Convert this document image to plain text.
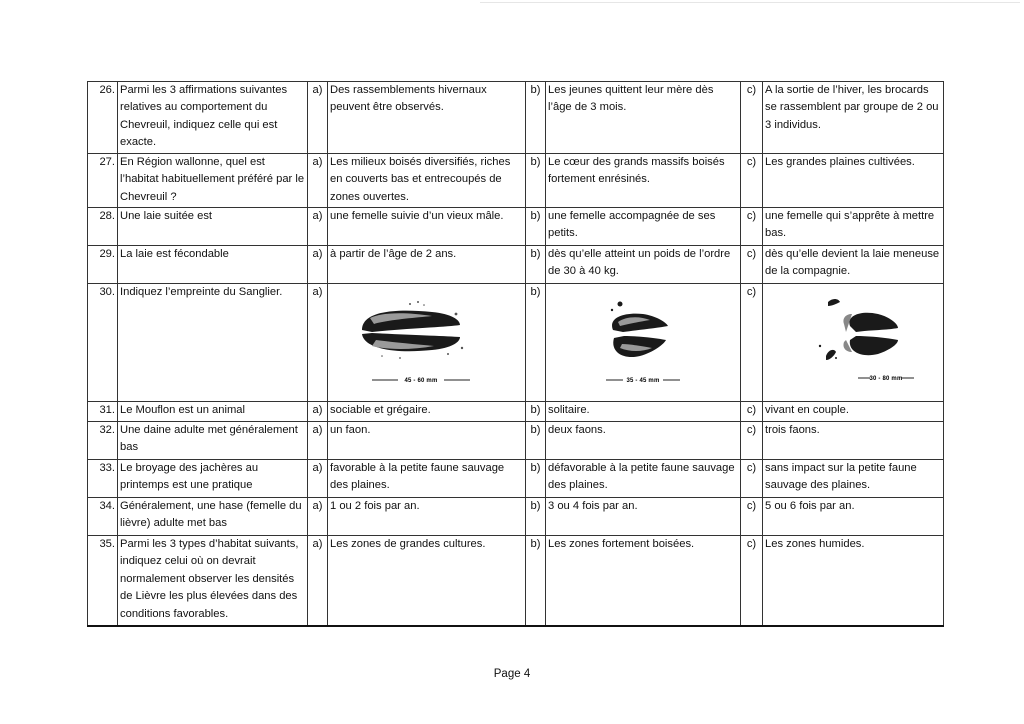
26.	Parmi les 3 affirmations suivantes relatives au comportement du Chevreuil, indiquez celle qui est exacte.	a)	Des rassemblements hivernaux peuvent être observés.	b)	Les jeunes quittent leur mère dès l’âge de 3 mois.	c)	A la sortie de l’hiver, les brocards se rassemblent par groupe de 2 ou 3 individus.
27.	En Région wallonne, quel est l’habitat habituellement préféré par le Chevreuil ?	a)	Les milieux boisés diversifiés, riches en couverts bas et entrecoupés de zones ouvertes.	b)	Le cœur des grands massifs boisés fortement enrésinés.	c)	Les grandes plaines cultivées.
28.	Une laie suitée est	a)	une femelle suivie d’un vieux mâle.	b)	une femelle accompagnée de ses petits.	c)	une femelle qui s’apprête à mettre bas.
29.	La laie est fécondable	a)	à partir de l’âge de 2 ans.	b)	dès qu’elle atteint un poids de l’ordre de 30 à 40 kg.	c)	dès qu’elle devient la laie meneuse de la compagnie.
30.	Indiquez l’empreinte du Sanglier.	a)	45 - 60 mm	b)	35 - 45 mm	c)	30 - 80 mm

31.	Le Mouflon est un animal	a)	sociable et grégaire.	b)	solitaire.	c)	vivant en couple.
32.	Une daine adulte met généralement bas	a)	un faon.	b)	deux faons.	c)	trois faons.
33.	Le broyage des jachères au printemps est une pratique	a)	favorable à la petite faune sauvage des plaines.	b)	défavorable à la petite faune sauvage des plaines.	c)	sans impact sur la petite faune sauvage des plaines.
34.	Généralement, une hase (femelle du lièvre) adulte met bas	a)	1 ou 2 fois par an.	b)	3 ou 4 fois par an.	c)	5 ou 6 fois par an.
35.	Parmi les 3 types d’habitat suivants, indiquez celui où on devrait normalement observer les densités de Lièvre les plus élevées dans des conditions favorables.	a)	Les zones de grandes cultures.	b)	Les zones fortement boisées.	c)	Les zones humides.
Page 4
